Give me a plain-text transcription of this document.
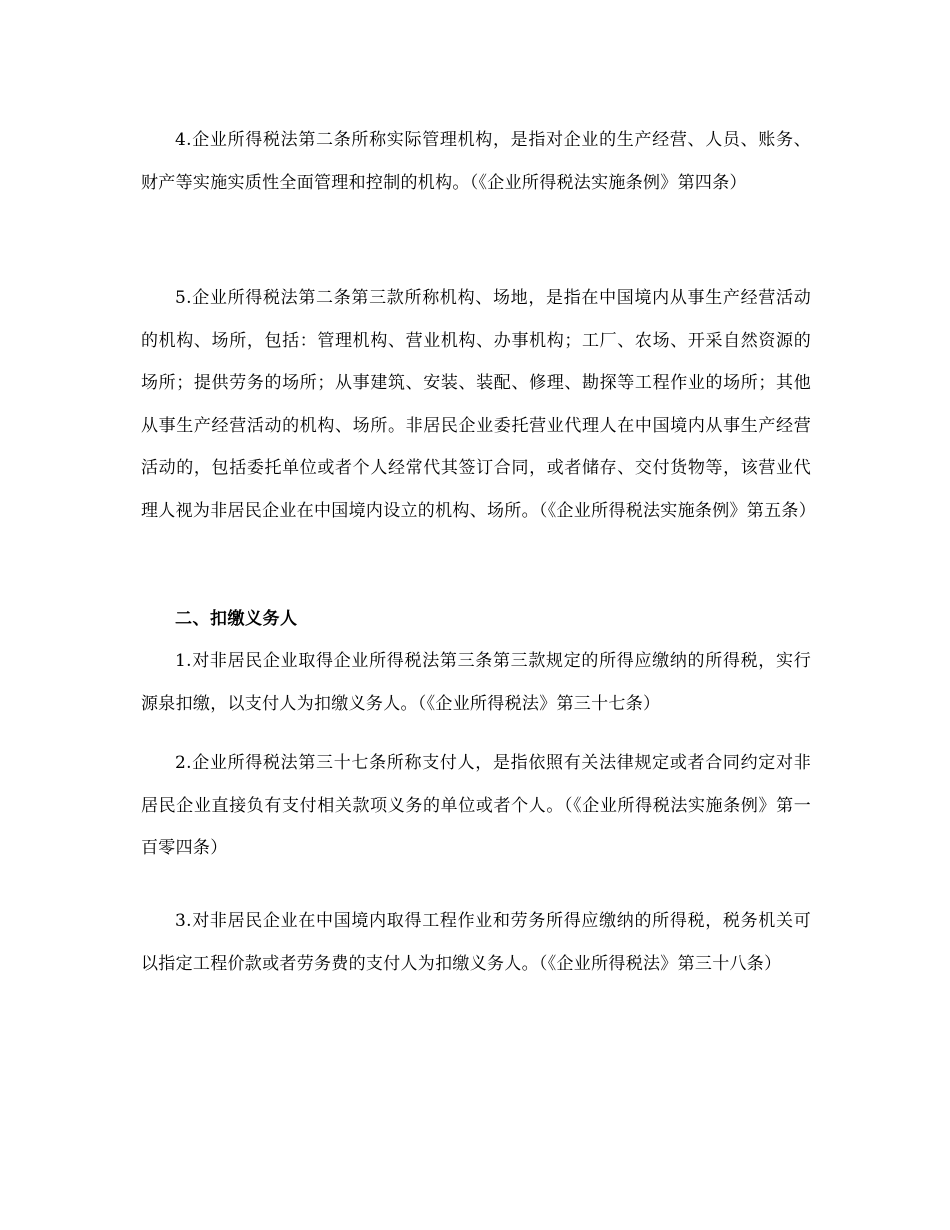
4.企业所得税法第二条所称实际管理机构，是指对企业的生产经营、人员、账务、财产等实施实质性全面管理和控制的机构。（《企业所得税法实施条例》第四条）

5.企业所得税法第二条第三款所称机构、场地，是指在中国境内从事生产经营活动的机构、场所，包括：管理机构、营业机构、办事机构；工厂、农场、开采自然资源的场所；提供劳务的场所；从事建筑、安装、装配、修理、勘探等工程作业的场所；其他从事生产经营活动的机构、场所。非居民企业委托营业代理人在中国境内从事生产经营活动的，包括委托单位或者个人经常代其签订合同，或者储存、交付货物等，该营业代理人视为非居民企业在中国境内设立的机构、场所。（《企业所得税法实施条例》第五条）

二、扣缴义务人

1.对非居民企业取得企业所得税法第三条第三款规定的所得应缴纳的所得税，实行源泉扣缴，以支付人为扣缴义务人。（《企业所得税法》第三十七条）

2.企业所得税法第三十七条所称支付人，是指依照有关法律规定或者合同约定对非居民企业直接负有支付相关款项义务的单位或者个人。（《企业所得税法实施条例》第一百零四条）

3.对非居民企业在中国境内取得工程作业和劳务所得应缴纳的所得税，税务机关可以指定工程价款或者劳务费的支付人为扣缴义务人。（《企业所得税法》第三十八条）
